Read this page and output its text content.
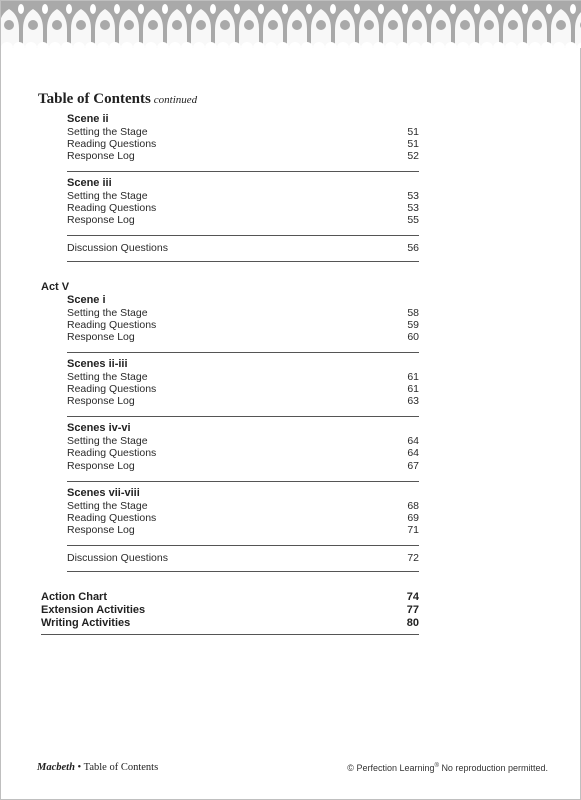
Table of Contents continued
Scene ii
Setting the Stage	51
Reading Questions	51
Response Log	52
Scene iii
Setting the Stage	53
Reading Questions	53
Response Log	55
Discussion Questions	56
Act V
Scene i
Setting the Stage	58
Reading Questions	59
Response Log	60
Scenes ii-iii
Setting the Stage	61
Reading Questions	61
Response Log	63
Scenes iv-vi
Setting the Stage	64
Reading Questions	64
Response Log	67
Scenes vii-viii
Setting the Stage	68
Reading Questions	69
Response Log	71
Discussion Questions	72
Action Chart	74
Extension Activities	77
Writing Activities	80
Macbeth • Table of Contents	© Perfection Learning® No reproduction permitted.
